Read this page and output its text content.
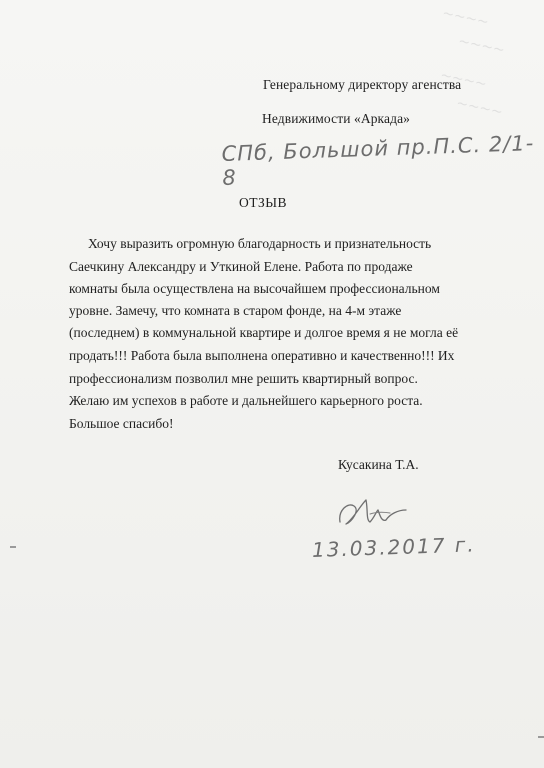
~~~~
~~~~
~~~~
~~~~
Генеральному директору агенства
Недвижимости «Аркада»
СПб, Большой пр.П.С. 2/1-8
ОТЗЫВ
Хочу выразить огромную благодарность и признательность
Саечкину Александру и Уткиной Елене. Работа по продаже
комнаты была осуществлена на высочайшем профессиональном
уровне. Замечу, что комната в старом фонде, на 4-м этаже
(последнем) в коммунальной квартире и долгое время я не могла её
продать!!! Работа была выполнена оперативно и качественно!!! Их
профессионализм позволил мне решить квартирный вопрос.
Желаю им успехов в работе и дальнейшего карьерного роста.
Большое спасибо!
Кусакина Т.А.
13.03.2017 г.
